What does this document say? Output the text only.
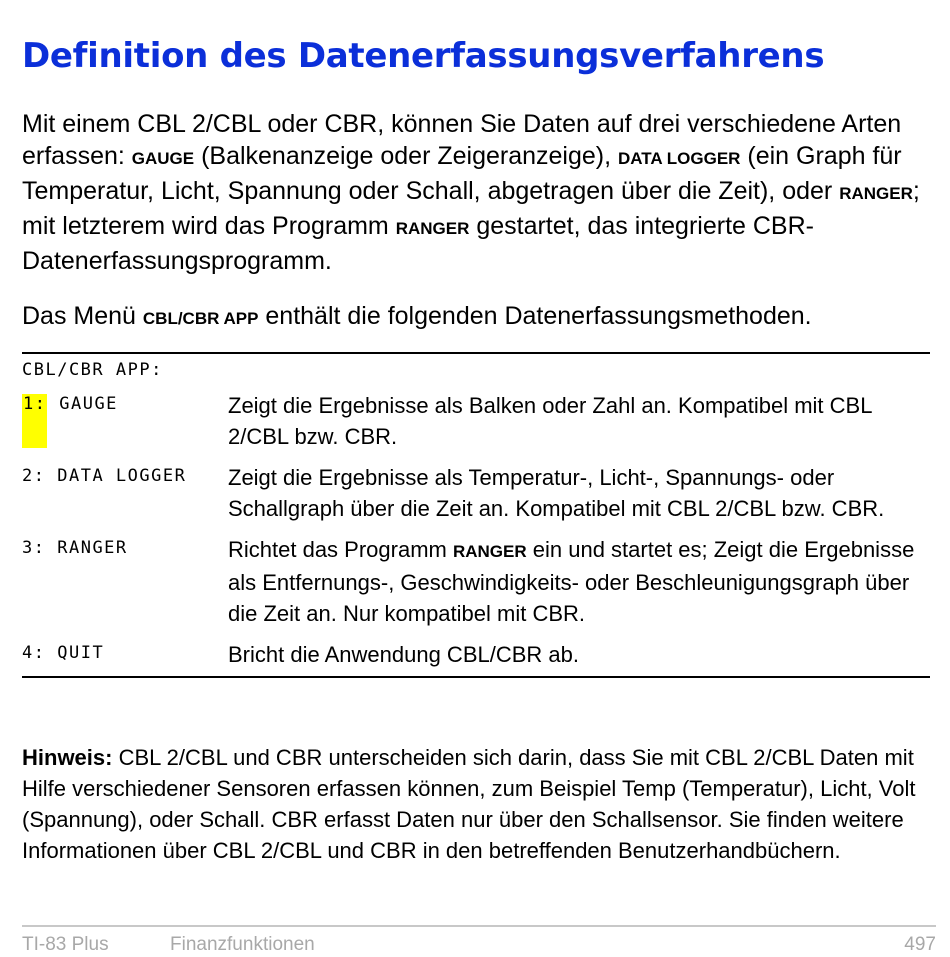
Definition des Datenerfassungsverfahrens

Mit einem CBL 2/CBL oder CBR, können Sie Daten auf drei verschiedene Arten erfassen: GAUGE (Balkenanzeige oder Zeigeranzeige), DATA LOGGER (ein Graph für Temperatur, Licht, Spannung oder Schall, abgetragen über die Zeit), oder RANGER; mit letzterem wird das Programm RANGER gestartet, das integrierte CBR-Datenerfassungsprogramm.

Das Menü CBL/CBR APP enthält die folgenden Datenerfassungsmethoden.

CBL/CBR APP:	
1: GAUGE	Zeigt die Ergebnisse als Balken oder Zahl an. Kompatibel mit CBL 2/CBL bzw. CBR.
2: DATA LOGGER	Zeigt die Ergebnisse als Temperatur-, Licht-, Spannungs- oder Schallgraph über die Zeit an. Kompatibel mit CBL 2/CBL bzw. CBR.
3: RANGER	Richtet das Programm RANGER ein und startet es; Zeigt die Ergebnisse als Entfernungs-, Geschwindigkeits- oder Beschleunigungsgraph über die Zeit an. Nur kompatibel mit CBR.
4: QUIT	Bricht die Anwendung CBL/CBR ab.

Hinweis: CBL 2/CBL und CBR unterscheiden sich darin, dass Sie mit CBL 2/CBL Daten mit Hilfe verschiedener Sensoren erfassen können, zum Beispiel Temp (Temperatur), Licht, Volt (Spannung), oder Schall. CBR erfasst Daten nur über den Schallsensor. Sie finden weitere Informationen über CBL 2/CBL und CBR in den betreffenden Benutzerhandbüchern.

TI-83 Plus	Finanzfunktionen	497
